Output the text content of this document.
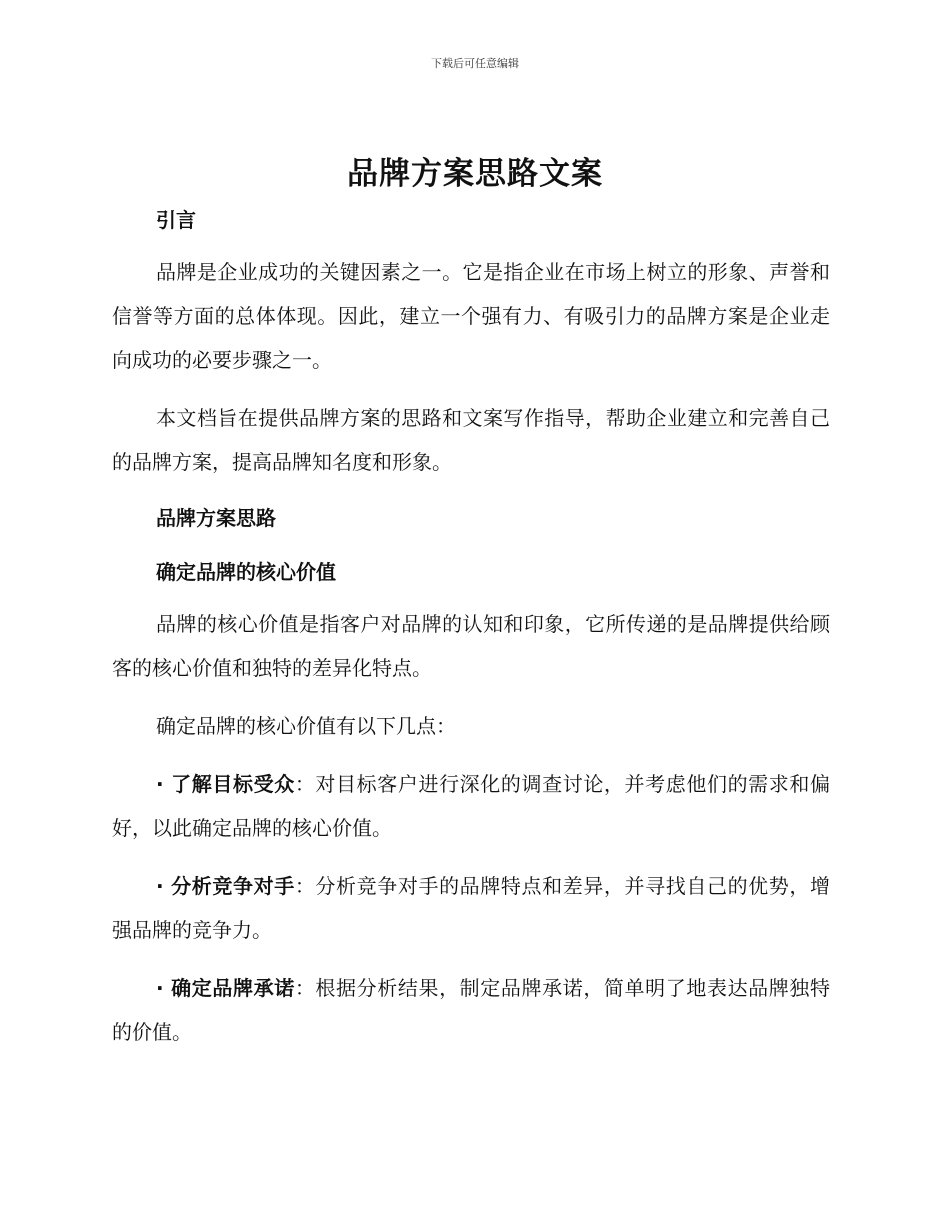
下载后可任意编辑
品牌方案思路文案
引言

品牌是企业成功的关键因素之一。它是指企业在市场上树立的形象、声誉和信誉等方面的总体体现。因此，建立一个强有力、有吸引力的品牌方案是企业走向成功的必要步骤之一。

本文档旨在提供品牌方案的思路和文案写作指导，帮助企业建立和完善自己的品牌方案，提高品牌知名度和形象。

品牌方案思路
确定品牌的核心价值

品牌的核心价值是指客户对品牌的认知和印象，它所传递的是品牌提供给顾客的核心价值和独特的差异化特点。

确定品牌的核心价值有以下几点：

· 了解目标受众：对目标客户进行深化的调查讨论，并考虑他们的需求和偏好，以此确定品牌的核心价值。

· 分析竞争对手：分析竞争对手的品牌特点和差异，并寻找自己的优势，增强品牌的竞争力。

· 确定品牌承诺：根据分析结果，制定品牌承诺，简单明了地表达品牌独特的价值。
